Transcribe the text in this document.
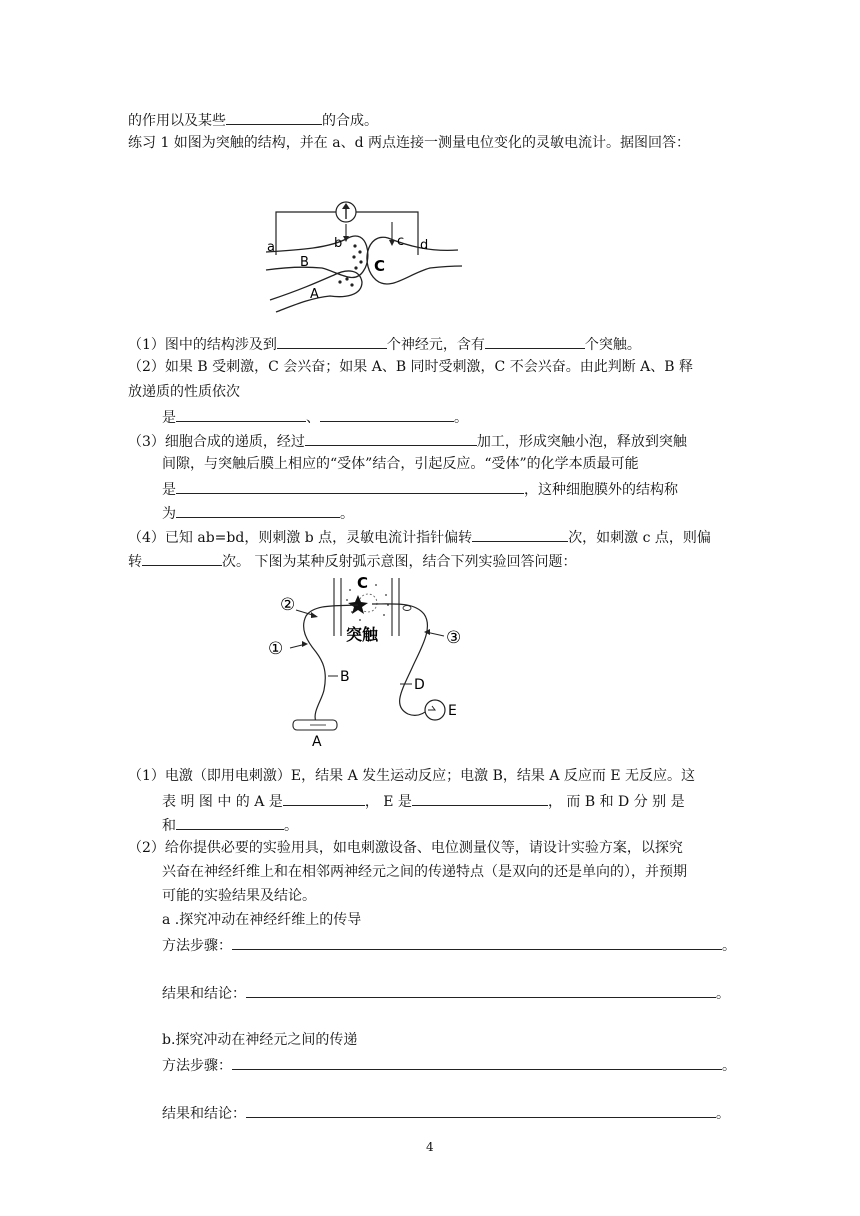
的作用以及某些	的合成。
练习 1 如图为突触的结构，并在 a、d 两点连接一测量电位变化的灵敏电流计。据图回答：
a	b	c d
B	C
A
（1）图中的结构涉及到	个神经元，含有	个突触。
（2）如果 B 受刺激，C 会兴奋；如果 A、B 同时受刺激，C 不会兴奋。由此判断 A、B 释
放递质的性质依次
是	、	。
（3）细胞合成的递质，经过	加工，形成突触小泡，释放到突触
间隙，与突触后膜上相应的“受体”结合，引起反应。“受体”的化学本质最可能
是	，这种细胞膜外的结构称
为	。
（4）已知 ab=bd，则刺激 b 点，灵敏电流计指针偏转	次，如刺激 c 点，则偏
转	次。 下图为某种反射弧示意图，结合下列实验回答问题：
C
突触
②
①
③
B	D
E
A
（1）电激（即用电刺激）E，结果 A 发生运动反应；电激 B，结果 A 反应而 E 无反应。这
表 明 图 中 的 A 是	， E 是	， 而 B 和 D 分 别 是
和	。
（2）给你提供必要的实验用具，如电刺激设备、电位测量仪等，请设计实验方案，以探究
兴奋在神经纤维上和在相邻两神经元之间的传递特点（是双向的还是单向的），并预期
可能的实验结果及结论。
a .探究冲动在神经纤维上的传导
方法步骤：	。
结果和结论：	。
b.探究冲动在神经元之间的传递
方法步骤：	。
结果和结论：	。
4
